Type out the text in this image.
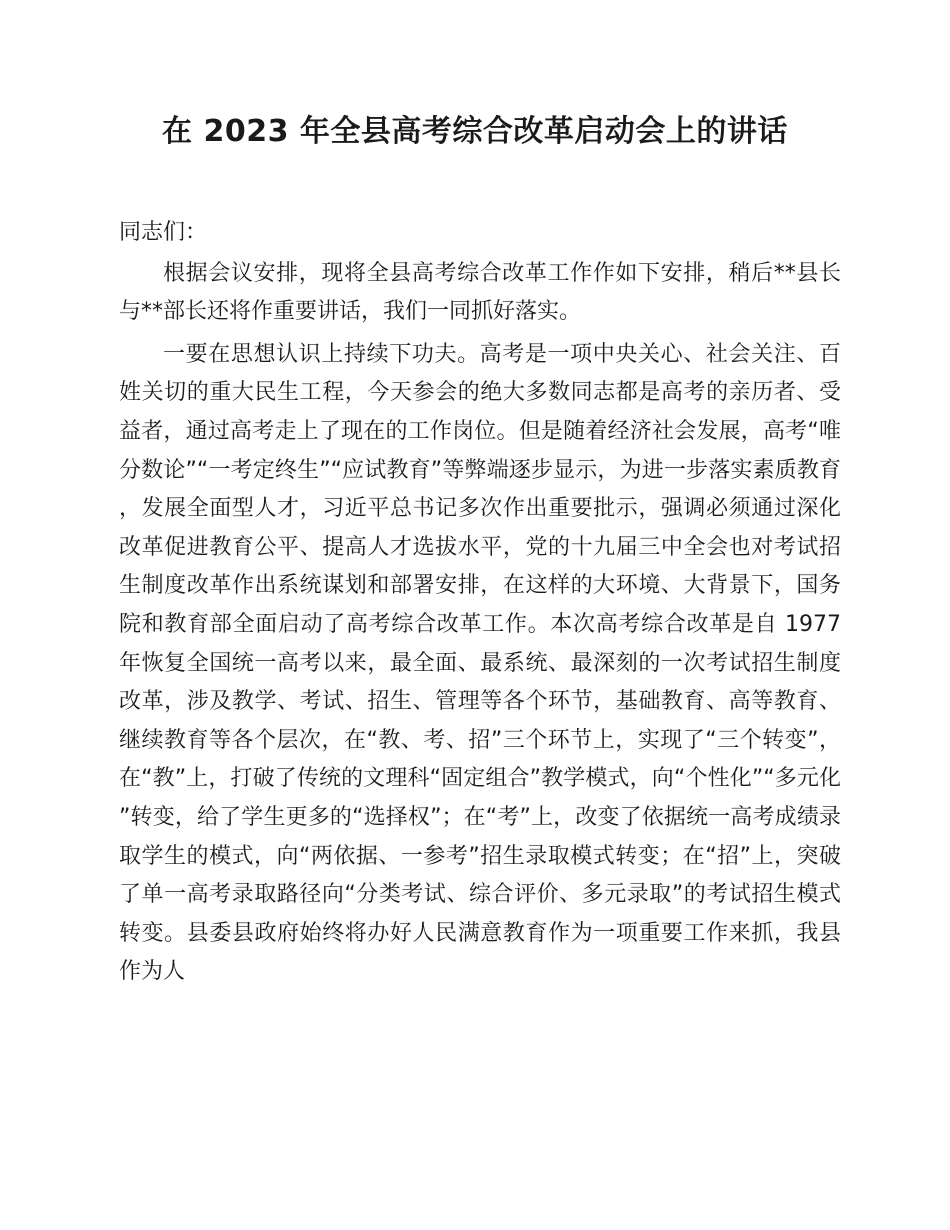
在 2023 年全县高考综合改革启动会上的讲话

同志们：

根据会议安排，现将全县高考综合改革工作作如下安排，稍后**县长与**部长还将作重要讲话，我们一同抓好落实。

一要在思想认识上持续下功夫。高考是一项中央关心、社会关注、百姓关切的重大民生工程，今天参会的绝大多数同志都是高考的亲历者、受益者，通过高考走上了现在的工作岗位。但是随着经济社会发展，高考“唯分数论”“一考定终生”“应试教育”等弊端逐步显示，为进一步落实素质教育，发展全面型人才，习近平总书记多次作出重要批示，强调必须通过深化改革促进教育公平、提高人才选拔水平，党的十九届三中全会也对考试招生制度改革作出系统谋划和部署安排，在这样的大环境、大背景下，国务院和教育部全面启动了高考综合改革工作。本次高考综合改革是自 1977 年恢复全国统一高考以来，最全面、最系统、最深刻的一次考试招生制度改革，涉及教学、考试、招生、管理等各个环节，基础教育、高等教育、继续教育等各个层次，在“教、考、招”三个环节上，实现了“三个转变”，在“教”上，打破了传统的文理科“固定组合”教学模式，向“个性化”“多元化”转变，给了学生更多的“选择权”；在“考”上，改变了依据统一高考成绩录取学生的模式，向“两依据、一参考”招生录取模式转变；在“招”上，突破了单一高考录取路径向“分类考试、综合评价、多元录取”的考试招生模式转变。县委县政府始终将办好人民满意教育作为一项重要工作来抓，我县作为人
